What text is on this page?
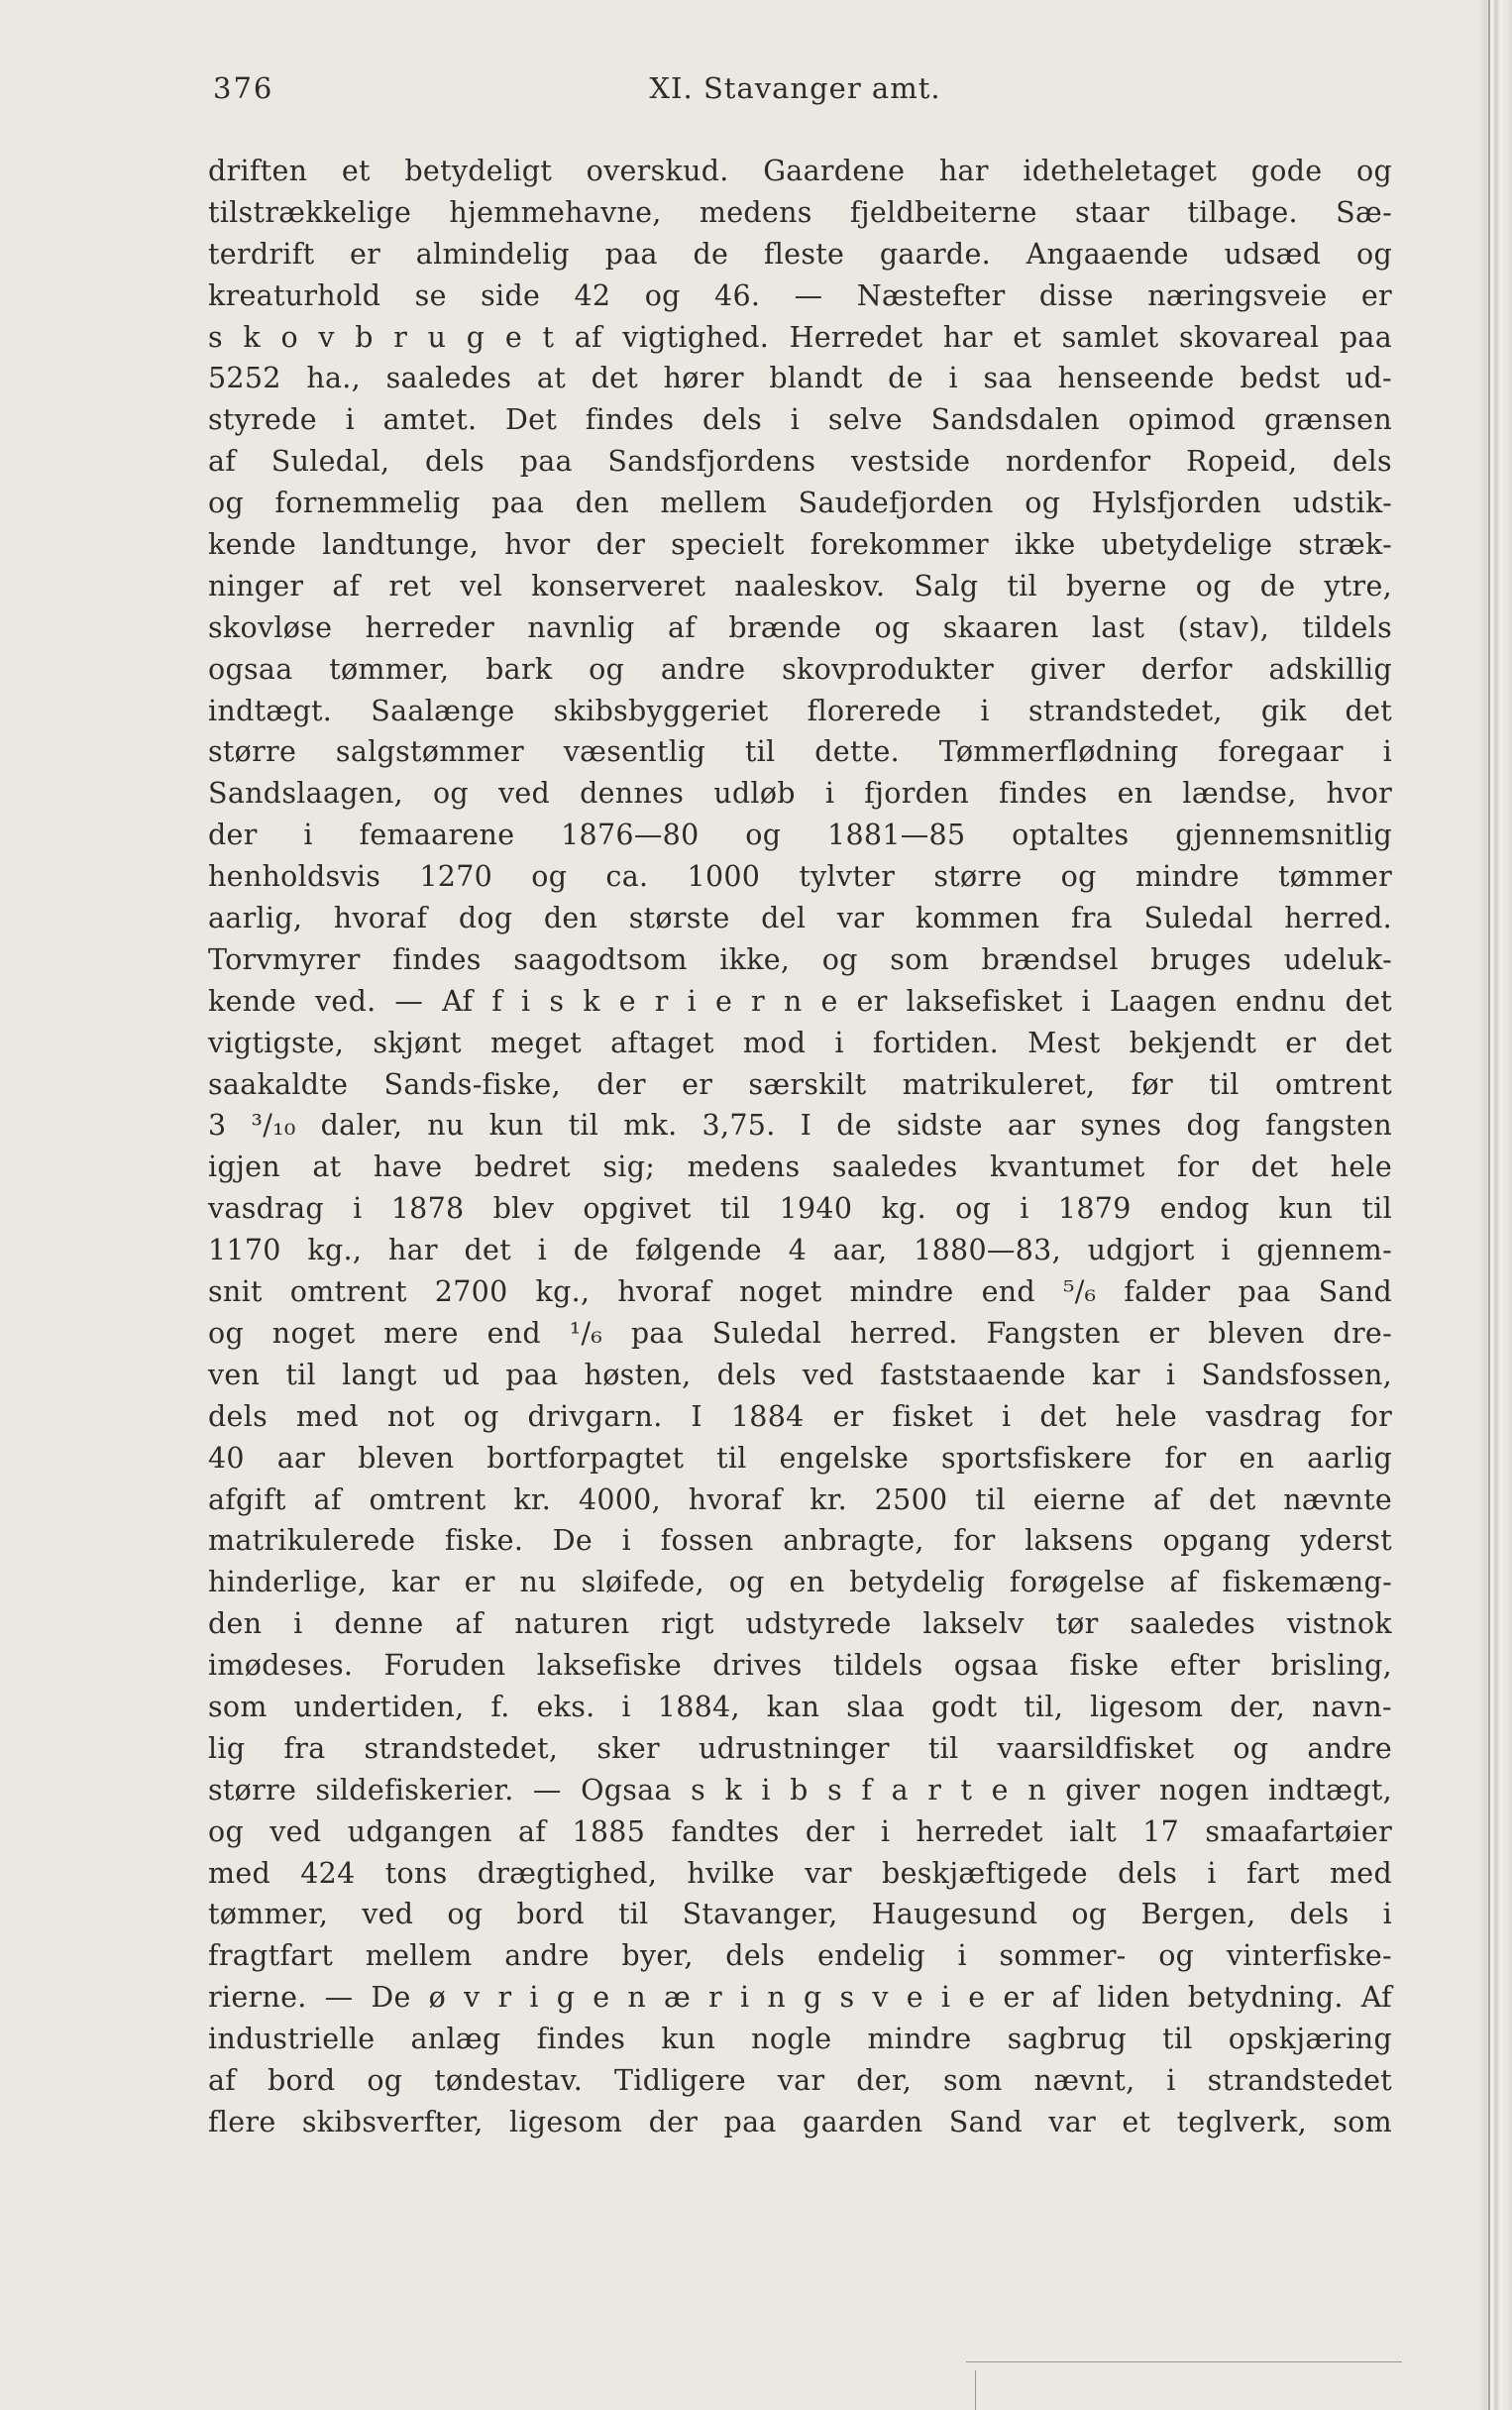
376	XI. Stavanger amt.
driften et betydeligt overskud. Gaardene har idetheletaget gode og
tilstrækkelige hjemmehavne, medens fjeldbeiterne staar tilbage. Sæ-
terdrift er almindelig paa de fleste gaarde. Angaaende udsæd og
kreaturhold se side 42 og 46. — Næstefter disse næringsveie er
s k o v b r u g e t af vigtighed. Herredet har et samlet skovareal paa
5252 ha., saaledes at det hører blandt de i saa henseende bedst ud-
styrede i amtet. Det findes dels i selve Sandsdalen opimod grænsen
af Suledal, dels paa Sandsfjordens vestside nordenfor Ropeid, dels
og fornemmelig paa den mellem Saudefjorden og Hylsfjorden udstik-
kende landtunge, hvor der specielt forekommer ikke ubetydelige stræk-
ninger af ret vel konserveret naaleskov. Salg til byerne og de ytre,
skovløse herreder navnlig af brænde og skaaren last (stav), tildels
ogsaa tømmer, bark og andre skovprodukter giver derfor adskillig
indtægt. Saalænge skibsbyggeriet florerede i strandstedet, gik det
større salgstømmer væsentlig til dette. Tømmerflødning foregaar i
Sandslaagen, og ved dennes udløb i fjorden findes en lændse, hvor
der i femaarene 1876—80 og 1881—85 optaltes gjennemsnitlig
henholdsvis 1270 og ca. 1000 tylvter større og mindre tømmer
aarlig, hvoraf dog den største del var kommen fra Suledal herred.
Torvmyrer findes saagodtsom ikke, og som brændsel bruges udeluk-
kende ved. — Af f i s k e r i e r n e er laksefisket i Laagen endnu det
vigtigste, skjønt meget aftaget mod i fortiden. Mest bekjendt er det
saakaldte Sands-fiske, der er særskilt matrikuleret, før til omtrent
3 ³/₁₀ daler, nu kun til mk. 3,75. I de sidste aar synes dog fangsten
igjen at have bedret sig; medens saaledes kvantumet for det hele
vasdrag i 1878 blev opgivet til 1940 kg. og i 1879 endog kun til
1170 kg., har det i de følgende 4 aar, 1880—83, udgjort i gjennem-
snit omtrent 2700 kg., hvoraf noget mindre end ⁵/₆ falder paa Sand
og noget mere end ¹/₆ paa Suledal herred. Fangsten er bleven dre-
ven til langt ud paa høsten, dels ved faststaaende kar i Sandsfossen,
dels med not og drivgarn. I 1884 er fisket i det hele vasdrag for
40 aar bleven bortforpagtet til engelske sportsfiskere for en aarlig
afgift af omtrent kr. 4000, hvoraf kr. 2500 til eierne af det nævnte
matrikulerede fiske. De i fossen anbragte, for laksens opgang yderst
hinderlige, kar er nu sløifede, og en betydelig forøgelse af fiskemæng-
den i denne af naturen rigt udstyrede lakselv tør saaledes vistnok
imødeses. Foruden laksefiske drives tildels ogsaa fiske efter brisling,
som undertiden, f. eks. i 1884, kan slaa godt til, ligesom der, navn-
lig fra strandstedet, sker udrustninger til vaarsildfisket og andre
større sildefiskerier. — Ogsaa s k i b s f a r t e n giver nogen indtægt,
og ved udgangen af 1885 fandtes der i herredet ialt 17 smaafartøier
med 424 tons drægtighed, hvilke var beskjæftigede dels i fart med
tømmer, ved og bord til Stavanger, Haugesund og Bergen, dels i
fragtfart mellem andre byer, dels endelig i sommer- og vinterfiske-
rierne. — De ø v r i g e n æ r i n g s v e i e er af liden betydning. Af
industrielle anlæg findes kun nogle mindre sagbrug til opskjæring
af bord og tøndestav. Tidligere var der, som nævnt, i strandstedet
flere skibsverfter, ligesom der paa gaarden Sand var et teglverk, som
